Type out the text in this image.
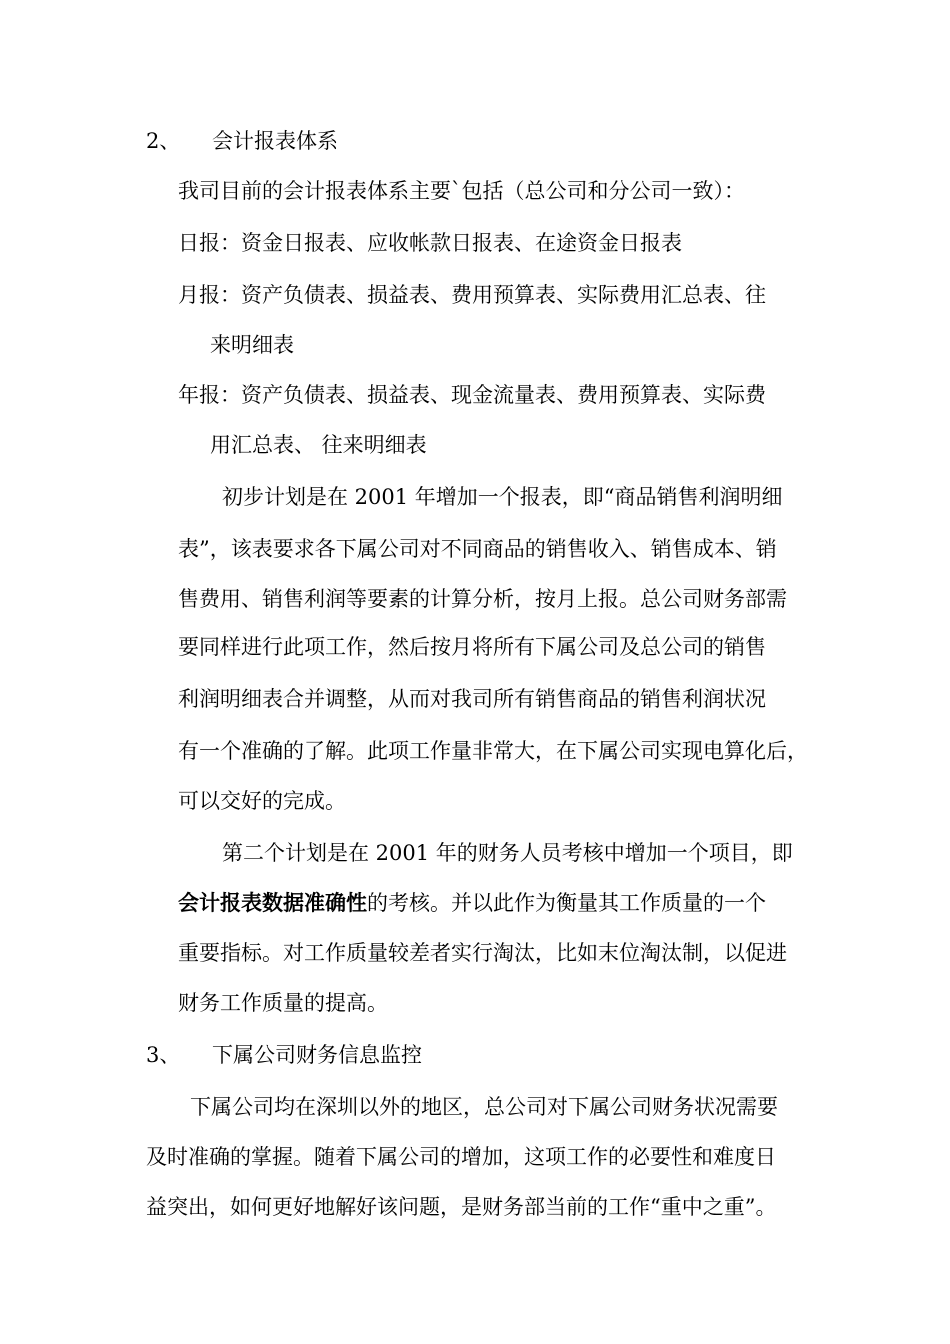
2、 会计报表体系

我司目前的会计报表体系主要`包括（总公司和分公司一致）：

日报：资金日报表、应收帐款日报表、在途资金日报表

月报：资产负债表、损益表、费用预算表、实际费用汇总表、往

来明细表

年报：资产负债表、损益表、现金流量表、费用预算表、实际费

用汇总表、 往来明细表

初步计划是在 2001 年增加一个报表，即“商品销售利润明细

表”，该表要求各下属公司对不同商品的销售收入、销售成本、销

售费用、销售利润等要素的计算分析，按月上报。总公司财务部需

要同样进行此项工作，然后按月将所有下属公司及总公司的销售

利润明细表合并调整，从而对我司所有销售商品的销售利润状况

有一个准确的了解。此项工作量非常大，在下属公司实现电算化后，

可以交好的完成。

第二个计划是在 2001 年的财务人员考核中增加一个项目，即

会计报表数据准确性的考核。并以此作为衡量其工作质量的一个

重要指标。对工作质量较差者实行淘汰，比如末位淘汰制，以促进

财务工作质量的提高。

3、 下属公司财务信息监控

下属公司均在深圳以外的地区，总公司对下属公司财务状况需要

及时准确的掌握。随着下属公司的增加，这项工作的必要性和难度日

益突出，如何更好地解好该问题，是财务部当前的工作“重中之重”。
